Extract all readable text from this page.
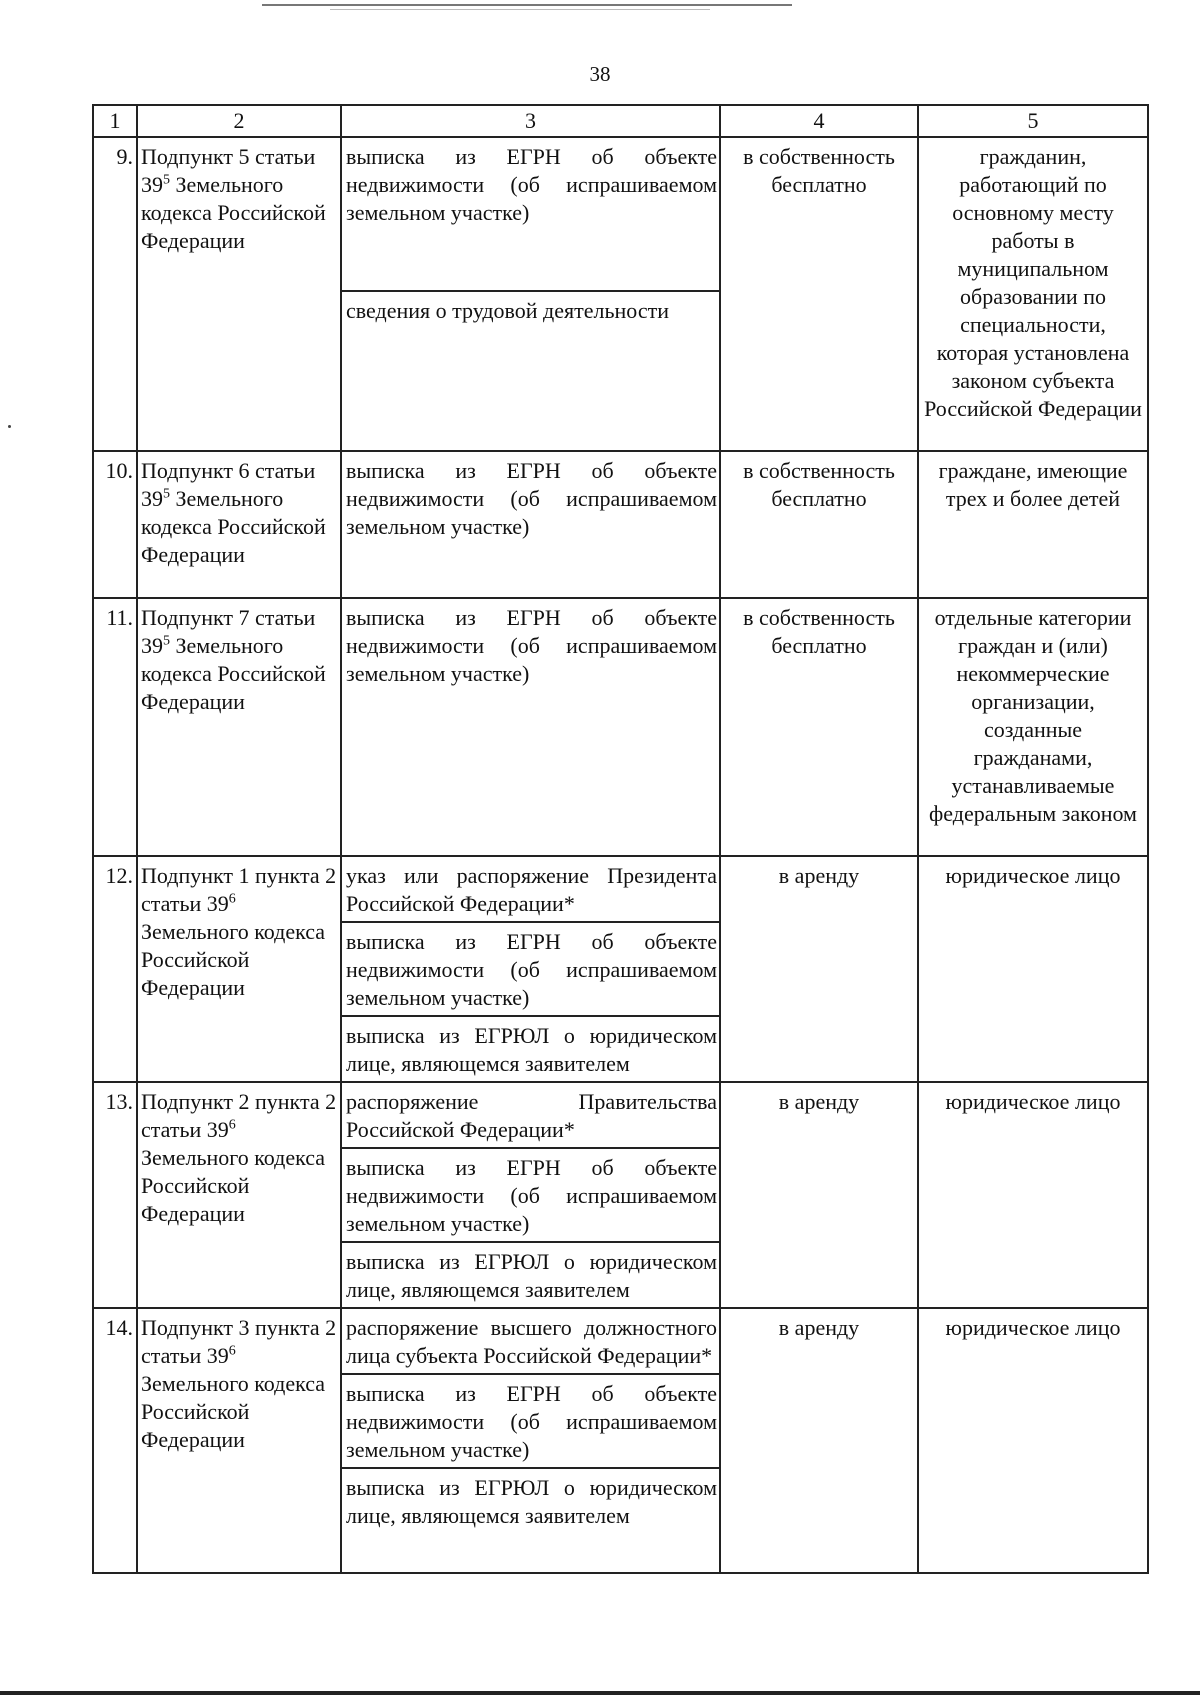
38
1	2	3	4	5
9.	Подпункт 5 статьи $39^5$ Земельного кодекса Российской Федерации	выписка из ЕГРН об объекте недвижимости (об испрашиваемом земельном участке)
сведения о трудовой деятельности	в собственность бесплатно	гражданин, работающий по основному месту работы в муниципальном образовании по специальности, которая установлена законом субъекта Российской Федерации
10.	Подпункт 6 статьи $39^5$ Земельного кодекса Российской Федерации	выписка из ЕГРН об объекте недвижимости (об испрашиваемом земельном участке)	в собственность бесплатно	граждане, имеющие трех и более детей
11.	Подпункт 7 статьи $39^5$ Земельного кодекса Российской Федерации	выписка из ЕГРН об объекте недвижимости (об испрашиваемом земельном участке)	в собственность бесплатно	отдельные категории граждан и (или) некоммерческие организации, созданные гражданами, устанавливаемые федеральным законом
12.	Подпункт 1 пункта 2 статьи $39^6$ Земельного кодекса Российской Федерации	указ или распоряжение Президента Российской Федерации*
выписка из ЕГРН об объекте недвижимости (об испрашиваемом земельном участке)
выписка из ЕГРЮЛ о юридическом лице, являющемся заявителем	в аренду	юридическое лицо
13.	Подпункт 2 пункта 2 статьи $39^6$ Земельного кодекса Российской Федерации	распоряжение Правительства Российской Федерации*
выписка из ЕГРН об объекте недвижимости (об испрашиваемом земельном участке)
выписка из ЕГРЮЛ о юридическом лице, являющемся заявителем	в аренду	юридическое лицо
14.	Подпункт 3 пункта 2 статьи $39^6$ Земельного кодекса Российской Федерации	распоряжение высшего должностного лица субъекта Российской Федерации*
выписка из ЕГРН об объекте недвижимости (об испрашиваемом земельном участке)
выписка из ЕГРЮЛ о юридическом лице, являющемся заявителем	в аренду	юридическое лицо
